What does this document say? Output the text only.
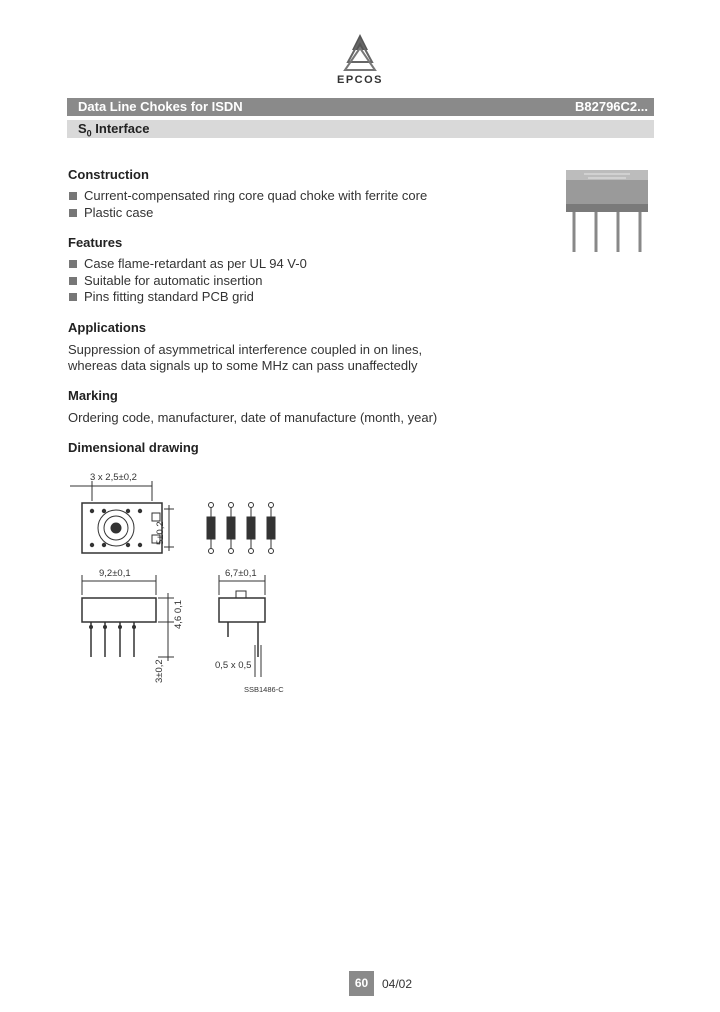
EPCOS
Data Line Chokes for ISDN	B82796C2...
$S_0$ Interface
Construction
Current-compensated ring core quad choke with ferrite core
Plastic case
Features
Case flame-retardant as per UL 94 V-0
Suitable for automatic insertion
Pins fitting standard PCB grid
Applications
Suppression of asymmetrical interference coupled in on lines,
whereas data signals up to some MHz can pass unaffectedly
Marking
Ordering code, manufacturer, date of manufacture (month, year)
Dimensional drawing
3 x 2,5±0,2
5±0,2
9,2±0,1
4,6 0,1
3±0,2
6,7±0,1
0,5 x 0,5
SSB1486-C
60	04/02
